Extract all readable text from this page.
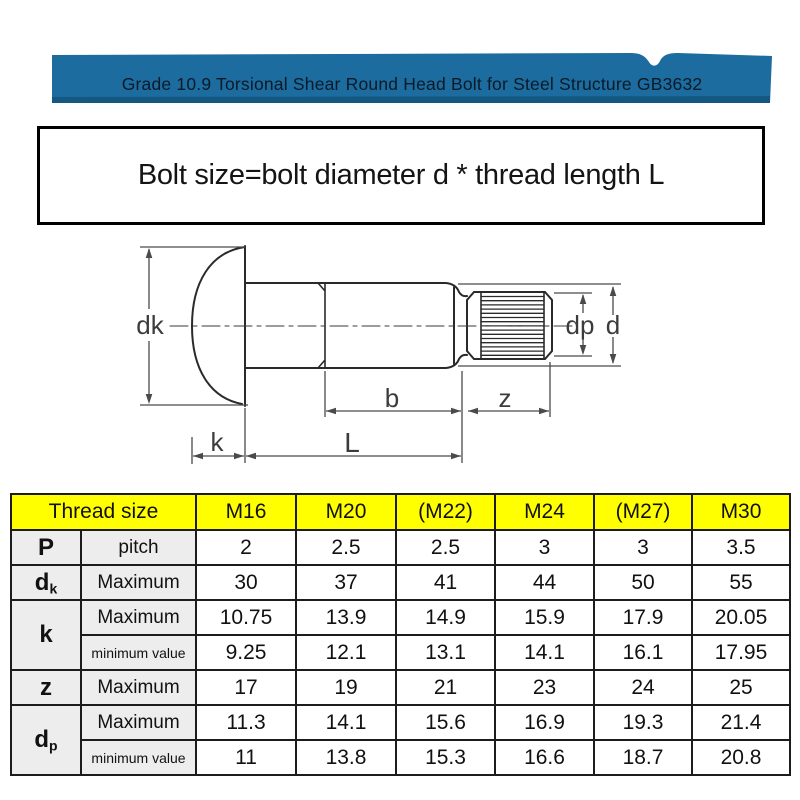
Grade 10.9 Torsional Shear Round Head Bolt for Steel Structure GB3632
dk
k	L
b	z
dp d
Bolt size=bolt diameter d * thread length L
Thread size		M16	M20	(M22)	M24	(M27)	M30
P	pitch	2	2.5	2.5	3	3	3.5
$d_k$	Maximum	30	37	41	44	50	55
k	Maximum	10.75	13.9	14.9	15.9	17.9	20.05
	minimum value	9.25	12.1	13.1	14.1	16.1	17.95
z	Maximum	17	19	21	23	24	25
$d_p$	Maximum	11.3	14.1	15.6	16.9	19.3	21.4
	minimum value	11	13.8	15.3	16.6	18.7	20.8
